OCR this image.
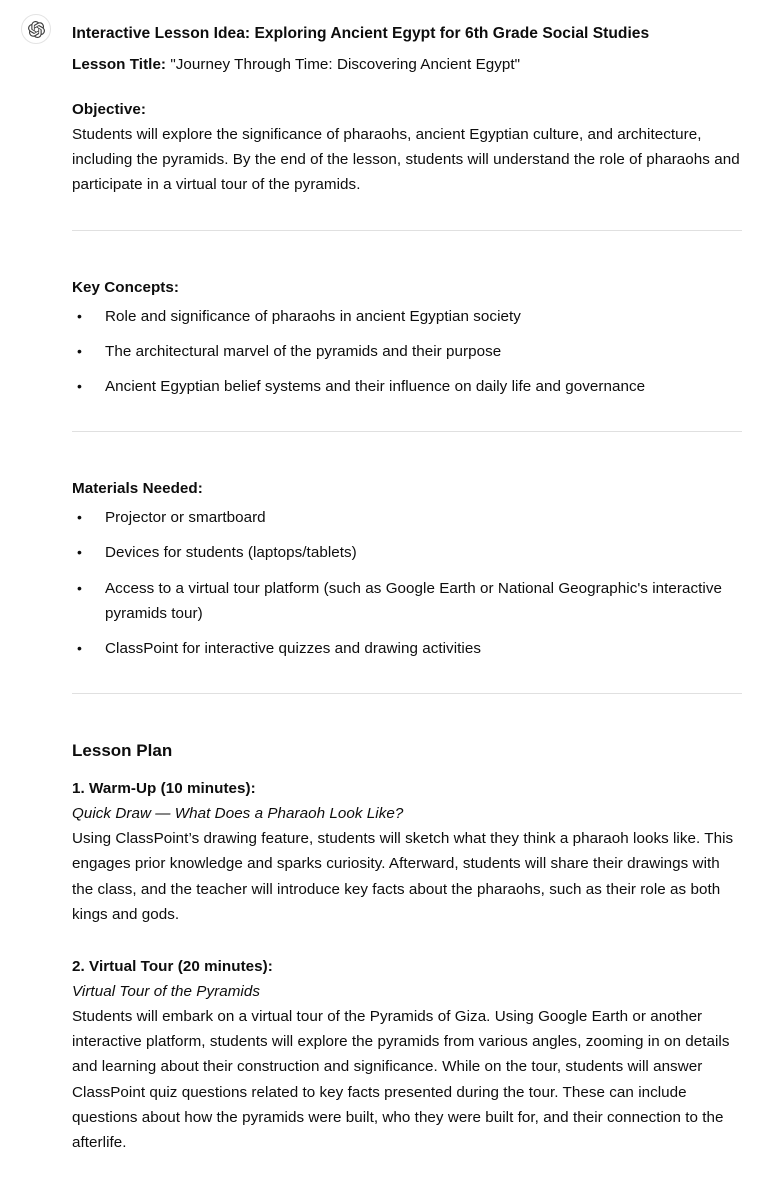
Interactive Lesson Idea: Exploring Ancient Egypt for 6th Grade Social Studies

Lesson Title: "Journey Through Time: Discovering Ancient Egypt"

Objective:

Students will explore the significance of pharaohs, ancient Egyptian culture, and architecture, including the pyramids. By the end of the lesson, students will understand the role of pharaohs and participate in a virtual tour of the pyramids.

Key Concepts:
• Role and significance of pharaohs in ancient Egyptian society
• The architectural marvel of the pyramids and their purpose
• Ancient Egyptian belief systems and their influence on daily life and governance
Materials Needed:
• Projector or smartboard
• Devices for students (laptops/tablets)
• Access to a virtual tour platform (such as Google Earth or National Geographic's interactive pyramids tour)
• ClassPoint for interactive quizzes and drawing activities
Lesson Plan

1. Warm-Up (10 minutes):

Quick Draw — What Does a Pharaoh Look Like?

Using ClassPoint’s drawing feature, students will sketch what they think a pharaoh looks like. This engages prior knowledge and sparks curiosity. Afterward, students will share their drawings with the class, and the teacher will introduce key facts about the pharaohs, such as their role as both kings and gods.

2. Virtual Tour (20 minutes):

Virtual Tour of the Pyramids

Students will embark on a virtual tour of the Pyramids of Giza. Using Google Earth or another interactive platform, students will explore the pyramids from various angles, zooming in on details and learning about their construction and significance. While on the tour, students will answer ClassPoint quiz questions related to key facts presented during the tour. These can include questions about how the pyramids were built, who they were built for, and their connection to the afterlife.
